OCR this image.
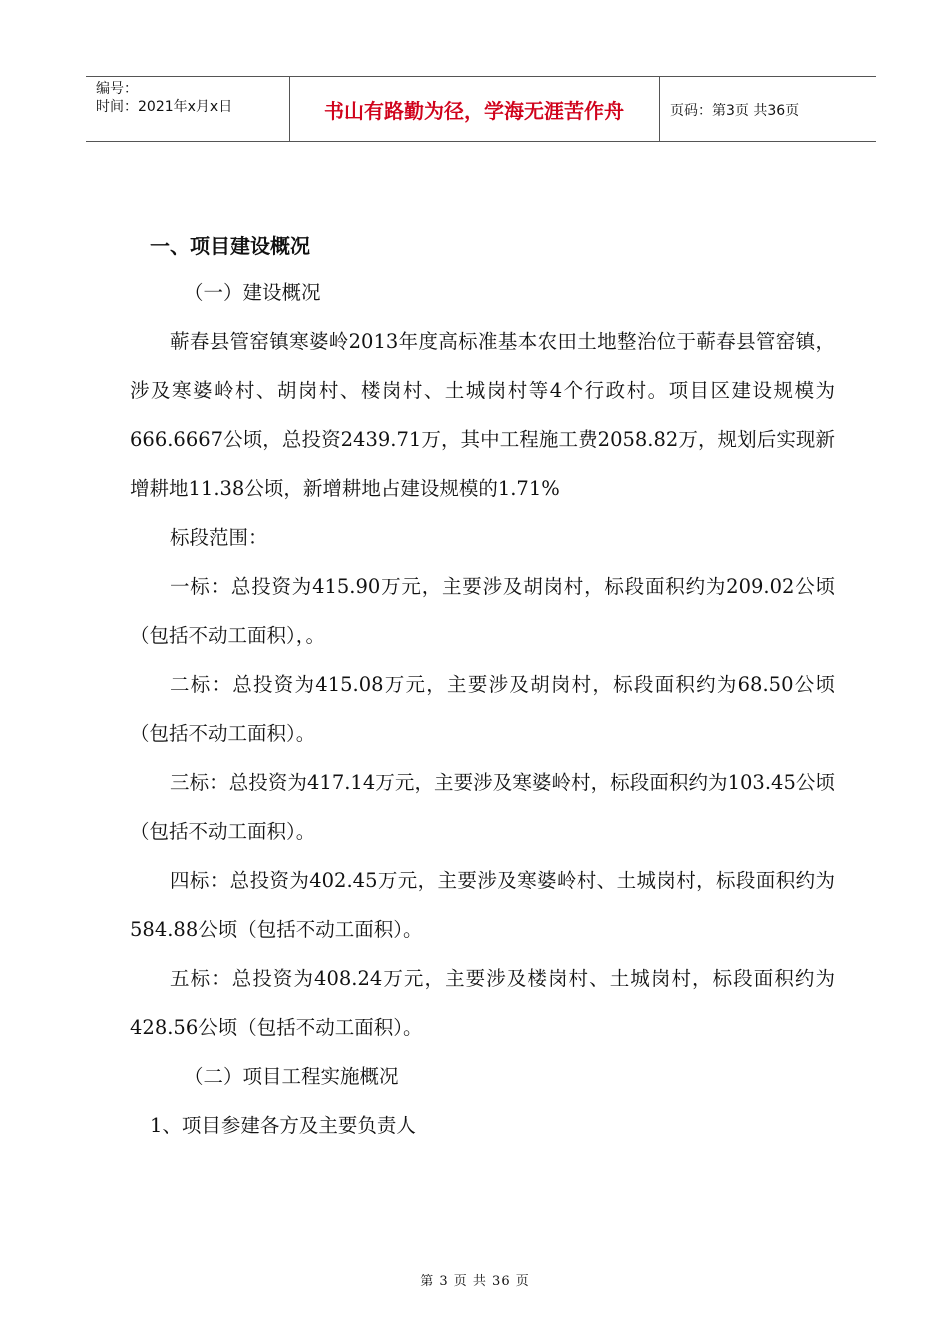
编号：
时间：2021年x月x日	书山有路勤为径，学海无涯苦作舟	页码：第3页 共36页
一、项目建设概况

（一）建设概况

蕲春县管窑镇寒婆岭2013年度高标准基本农田土地整治位于蕲春县管窑镇，涉及寒婆岭村、胡岗村、楼岗村、土城岗村等4个行政村。项目区建设规模为666.6667公顷，总投资2439.71万，其中工程施工费2058.82万，规划后实现新增耕地11.38公顷，新增耕地占建设规模的1.71%

标段范围：

一标：总投资为415.90万元，主要涉及胡岗村，标段面积约为209.02公顷（包括不动工面积），。

二标：总投资为415.08万元，主要涉及胡岗村，标段面积约为68.50公顷（包括不动工面积）。

三标：总投资为417.14万元，主要涉及寒婆岭村，标段面积约为103.45公顷（包括不动工面积）。

四标：总投资为402.45万元，主要涉及寒婆岭村、土城岗村，标段面积约为584.88公顷（包括不动工面积）。

五标：总投资为408.24万元，主要涉及楼岗村、土城岗村，标段面积约为428.56公顷（包括不动工面积）。

（二）项目工程实施概况

1、项目参建各方及主要负责人

第 3 页 共 36 页
